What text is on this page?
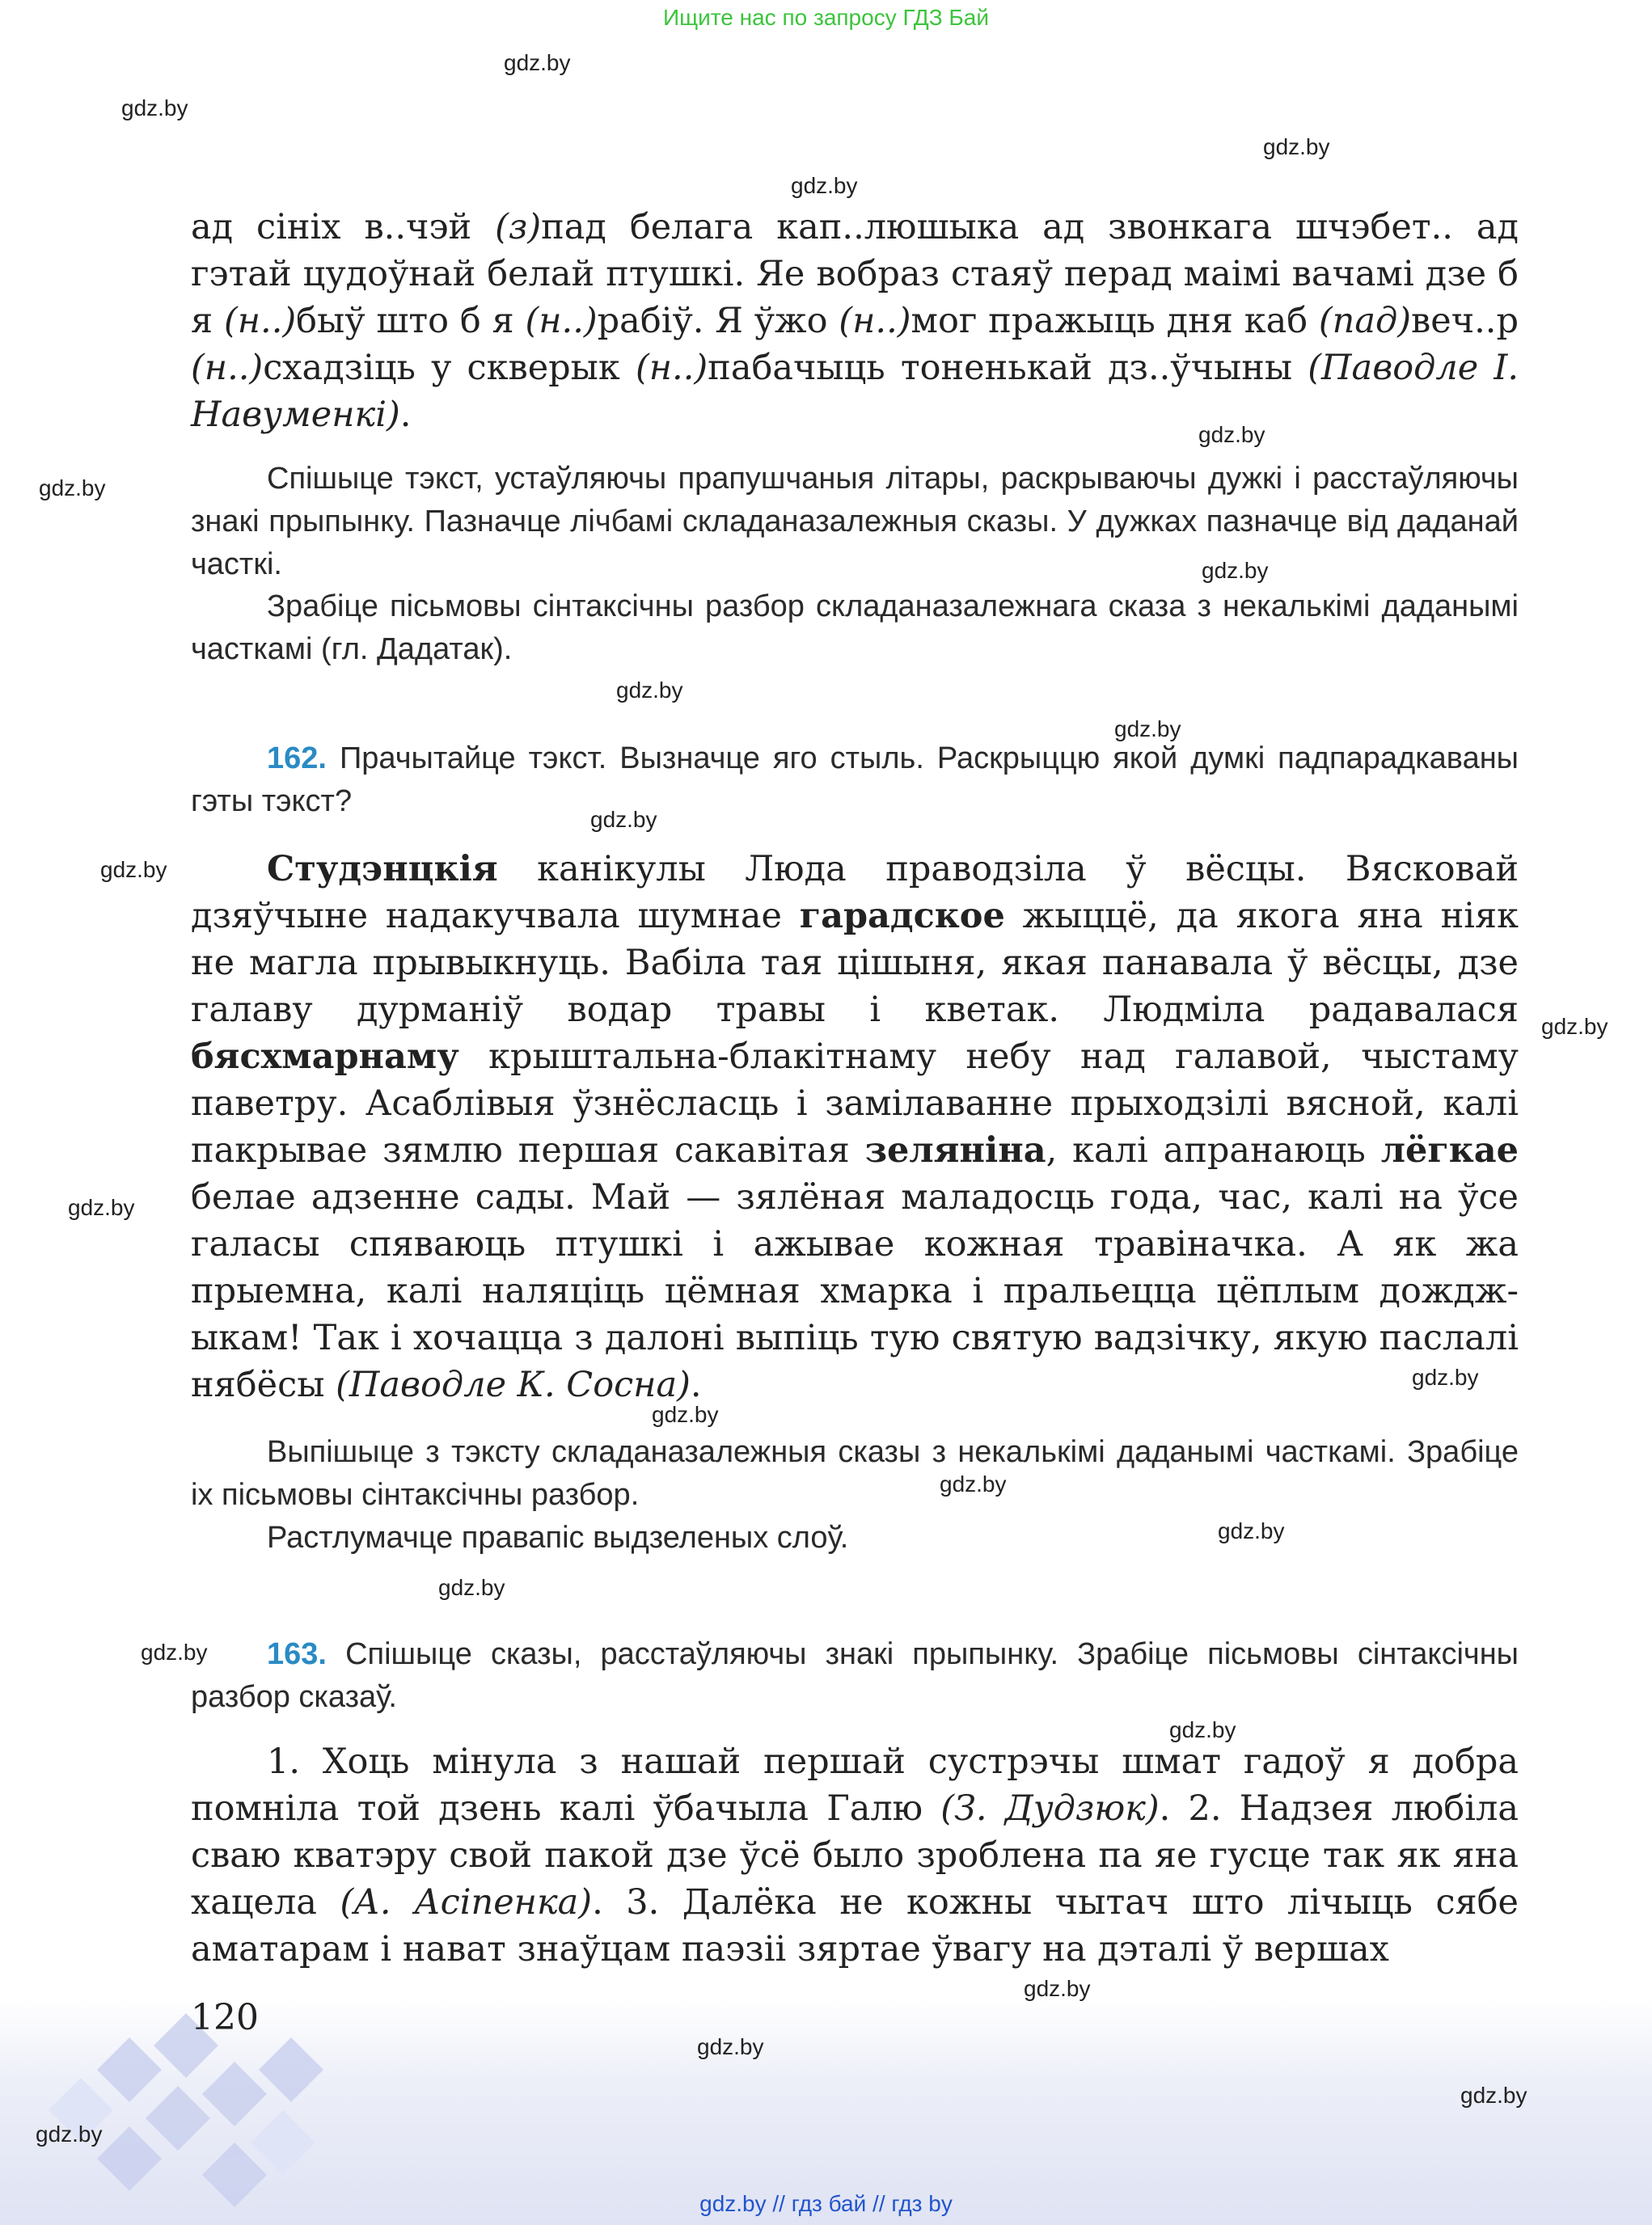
Ищите нас по запросу ГДЗ Бай
gdz.by
gdz.by
gdz.by
gdz.by
gdz.by
gdz.by
gdz.by
gdz.by
gdz.by
gdz.by
gdz.by
gdz.by
gdz.by
gdz.by
gdz.by
gdz.by
gdz.by
gdz.by
gdz.by
gdz.by
gdz.by
gdz.by
gdz.by
gdz.by

ад сініх в..чэй (з)пад белага кап..люшыка ад звонкага шчэбет.. ад гэтай цудоўнай белай птушкі. Яе вобраз стаяў перад маімі вачамі дзе б я (н..)быў што б я (н..)рабіў. Я ўжо (н..)мог пражыць дня каб (пад)веч..р (н..)схадзіць у скверык (н..)пабачыць тоненькай дз..ўчыны (Паводле І. Навуменкі).

Спішыце тэкст, устаўляючы прапушчаныя літары, раскрываючы дужкі і расстаўляючы знакі прыпынку. Пазначце лічбамі складаназалежныя сказы. У дужках пазначце від даданай часткі.

Зрабіце пісьмовы сінтаксічны разбор складаназалежнага сказа з некалькімі даданымі часткамі (гл. Дадатак).

162. Прачытайце тэкст. Вызначце яго стыль. Раскрыццю якой думкі падпарадкаваны гэты тэкст?

Студэнцкія канікулы Люда праводзіла ў вёсцы. Вясковай дзяўчыне надакучвала шумнае гарадское жыццё, да якога яна ніяк не магла прывыкнуць. Вабіла тая цішыня, якая панавала ў вёсцы, дзе галаву дурманіў водар травы і кветак. Людміла радавалася бясхмарнаму крыштальна-блакітнаму небу над галавой, чыстаму паветру. Асаблівыя ўзнёсласць і замілаванне прыходзілі вясной, калі пакрывае зямлю першая сакавітая зеляніна, калі апранаюць лёгкае белае адзенне сады. Май — зялёная маладосць года, час, калі на ўсе галасы спяваюць птушкі і ажывае кожная травіначка. А як жа прыемна, калі наляціць цёмная хмарка і пральецца цёплым дожджыкам! Так і хочацца з далоні выпіць тую святую вадзічку, якую паслалі нябёсы (Паводле К. Сосна).

Выпішыце з тэксту складаназалежныя сказы з некалькімі даданымі часткамі. Зрабіце іх пісьмовы сінтаксічны разбор.

Растлумачце правапіс выдзеленых слоў.

163. Спішыце сказы, расстаўляючы знакі прыпынку. Зрабіце пісьмовы сінтаксічны разбор сказаў.

1. Хоць мінула з нашай першай сустрэчы шмат гадоў я добра помніла той дзень калі ўбачыла Галю (З. Дудзюк). 2. Надзея любіла сваю кватэру свой пакой дзе ўсё было зроблена па яе гусце так як яна хацела (А. Асіпенка). 3. Далёка не кожны чытач што лічыць сябе аматарам і нават знаўцам паэзіі зяртае ўвагу на дэталі ў вершах

120
gdz.by // гдз бай // гдз by
